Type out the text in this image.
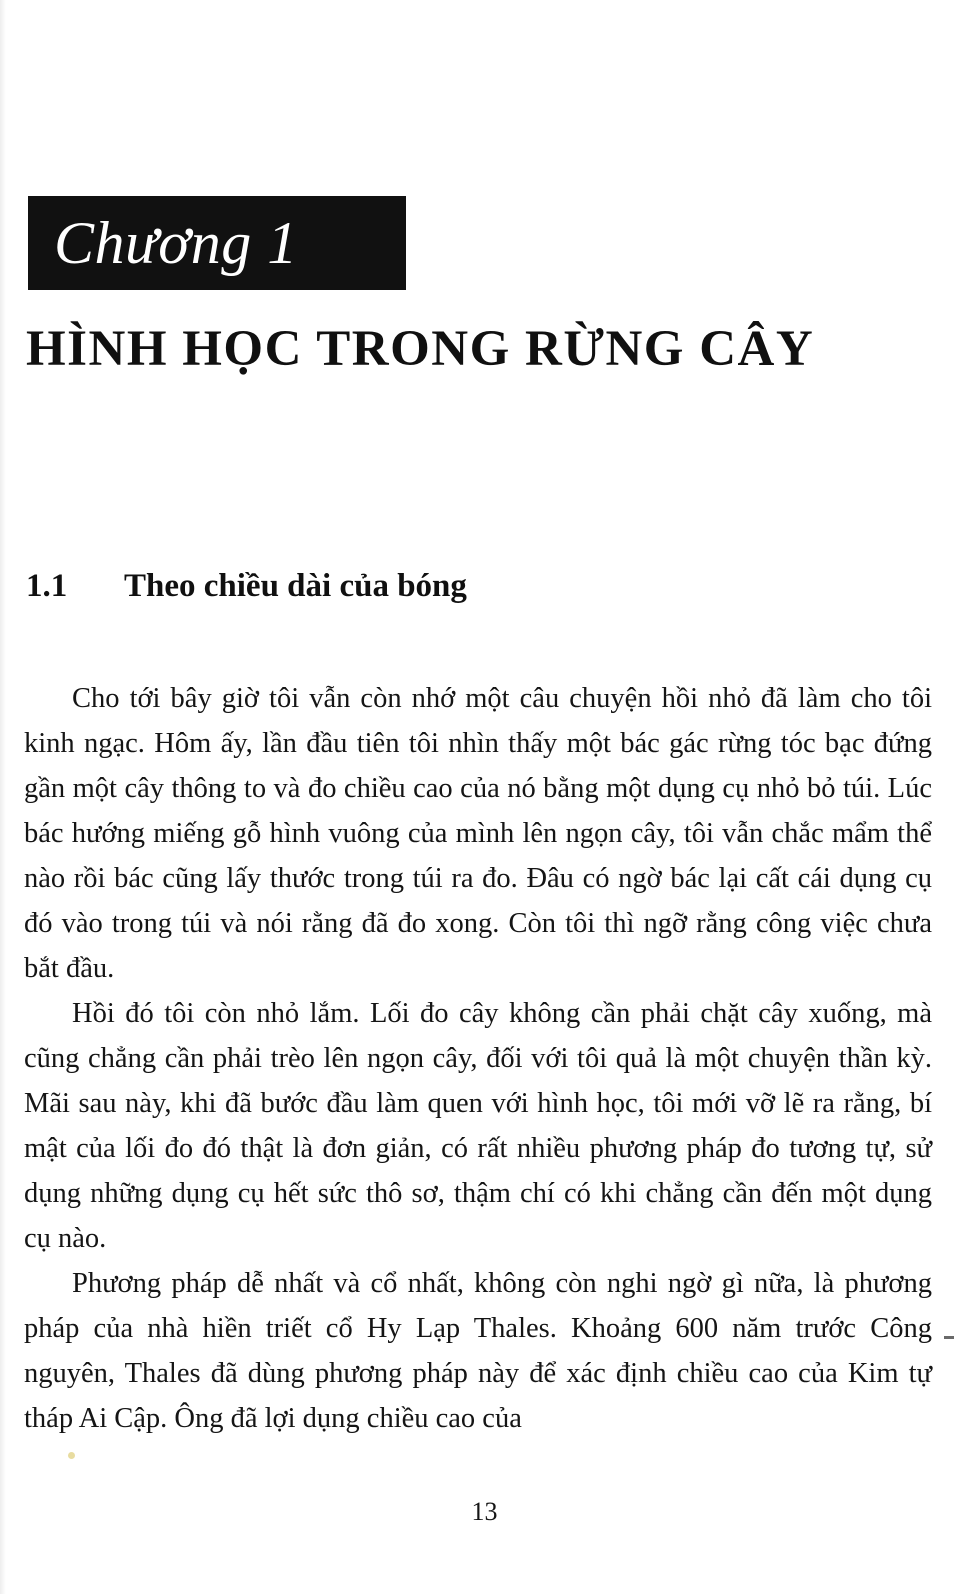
Chương 1
HÌNH HỌC TRONG RỪNG CÂY
1.1	Theo chiều dài của bóng

Cho tới bây giờ tôi vẫn còn nhớ một câu chuyện hồi nhỏ đã làm cho tôi kinh ngạc. Hôm ấy, lần đầu tiên tôi nhìn thấy một bác gác rừng tóc bạc đứng gần một cây thông to và đo chiều cao của nó bằng một dụng cụ nhỏ bỏ túi. Lúc bác hướng miếng gỗ hình vuông của mình lên ngọn cây, tôi vẫn chắc mẩm thể nào rồi bác cũng lấy thước trong túi ra đo. Đâu có ngờ bác lại cất cái dụng cụ đó vào trong túi và nói rằng đã đo xong. Còn tôi thì ngỡ rằng công việc chưa bắt đầu.

Hồi đó tôi còn nhỏ lắm. Lối đo cây không cần phải chặt cây xuống, mà cũng chẳng cần phải trèo lên ngọn cây, đối với tôi quả là một chuyện thần kỳ. Mãi sau này, khi đã bước đầu làm quen với hình học, tôi mới vỡ lẽ ra rằng, bí mật của lối đo đó thật là đơn giản, có rất nhiều phương pháp đo tương tự, sử dụng những dụng cụ hết sức thô sơ, thậm chí có khi chẳng cần đến một dụng cụ nào.

Phương pháp dễ nhất và cổ nhất, không còn nghi ngờ gì nữa, là phương pháp của nhà hiền triết cổ Hy Lạp Thales. Khoảng 600 năm trước Công nguyên, Thales đã dùng phương pháp này để xác định chiều cao của Kim tự tháp Ai Cập. Ông đã lợi dụng chiều cao của

13
